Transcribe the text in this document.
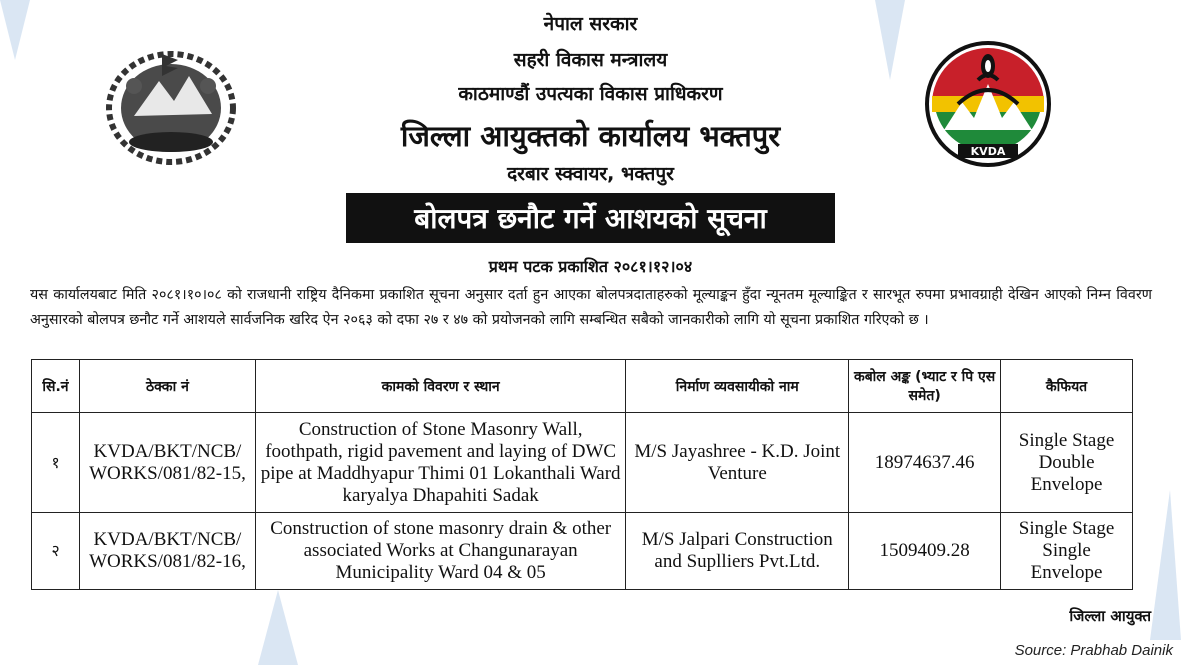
KVDA
नेपाल सरकार
सहरी विकास मन्त्रालय
काठमाण्डौं उपत्यका विकास प्राधिकरण
जिल्ला आयुक्तको कार्यालय भक्तपुर
दरबार स्क्वायर, भक्तपुर
बोलपत्र छनौट गर्ने आशयको सूचना
प्रथम पटक प्रकाशित २०८१।१२।०४
यस कार्यालयबाट मिति २०८१।१०।०८ को राजधानी राष्ट्रिय दैनिकमा प्रकाशित सूचना अनुसार दर्ता हुन आएका बोलपत्रदाताहरुको मूल्याङ्कन हुँदा न्यूनतम मूल्याङ्कित र सारभूत रुपमा प्रभावग्राही देखिन आएको निम्न विवरण अनुसारको बोलपत्र छनौट गर्ने आशयले सार्वजनिक खरिद ऐन २०६३ को दफा २७ र ४७ को प्रयोजनको लागि सम्बन्धित सबैको जानकारीको लागि यो सूचना प्रकाशित गरिएको छ ।
सि.नं	ठेक्का नं	कामको विवरण र स्थान	निर्माण व्यवसायीको नाम	कबोल अङ्क (भ्याट र पि एस समेत)	कैफियत
१	KVDA/BKT/NCB/ WORKS/081/82-15,	Construction of Stone Masonry Wall, foothpath, rigid pavement and laying of DWC pipe at Maddhyapur Thimi 01 Lokanthali Ward karyalya Dhapahiti Sadak	M/S Jayashree - K.D. Joint Venture	18974637.46	Single Stage Double Envelope
२	KVDA/BKT/NCB/ WORKS/081/82-16,	Construction of stone masonry drain & other associated Works at Changunarayan Municipality Ward 04 & 05	M/S Jalpari Construction and Suplliers Pvt.Ltd.	1509409.28	Single Stage Single Envelope
जिल्ला आयुक्त
Source: Prabhab Dainik
